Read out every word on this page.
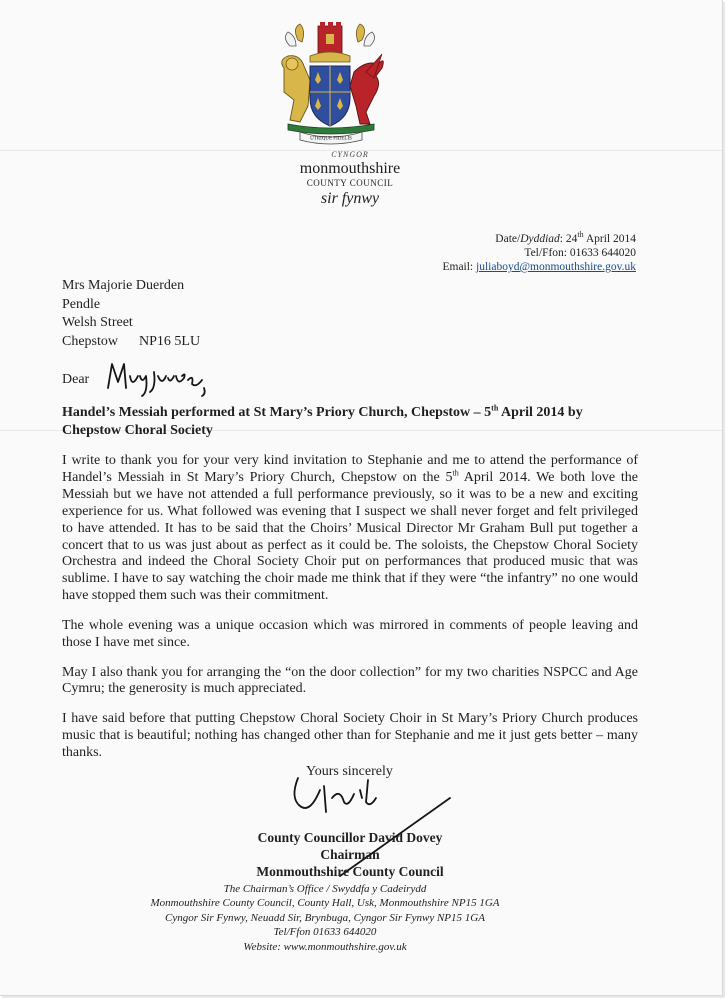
UTRIQUE FIDELIS
CYNGOR
monmouthshire
COUNTY COUNCIL
sir fynwy
Date/Dyddiad: 24th April 2014
Tel/Ffon: 01633 644020
Email: juliaboyd@monmouthshire.gov.uk
Mrs Majorie Duerden
Pendle
Welsh Street
Chepstow      NP16 5LU
Dear
Handel’s Messiah performed at St Mary’s Priory Church, Chepstow – 5th April 2014 by Chepstow Choral Society

I write to thank you for your very kind invitation to Stephanie and me to attend the performance of Handel’s Messiah in St Mary’s Priory Church, Chepstow on the 5th April 2014. We both love the Messiah but we have not attended a full performance previously, so it was to be a new and exciting experience for us. What followed was evening that I suspect we shall never forget and felt privileged to have attended. It has to be said that the Choirs’ Musical Director Mr Graham Bull put together a concert that to us was just about as perfect as it could be. The soloists, the Chepstow Choral Society Orchestra and indeed the Choral Society Choir put on performances that produced music that was sublime. I have to say watching the choir made me think that if they were “the infantry” no one would have stopped them such was their commitment.

The whole evening was a unique occasion which was mirrored in comments of people leaving and those I have met since.

May I also thank you for arranging the “on the door collection” for my two charities NSPCC and Age Cymru; the generosity is much appreciated.

I have said before that putting Chepstow Choral Society Choir in St Mary’s Priory Church produces music that is beautiful; nothing has changed other than for Stephanie and me it just gets better – many thanks.

Yours sincerely
County Councillor David Dovey
Chairman
Monmouthshire County Council
The Chairman’s Office / Swyddfa y Cadeirydd
Monmouthshire County Council, County Hall, Usk, Monmouthshire NP15 1GA
Cyngor Sir Fynwy, Neuadd Sir, Brynbuga, Cyngor Sir Fynwy NP15 1GA
Tel/Ffon 01633 644020
Website: www.monmouthshire.gov.uk
